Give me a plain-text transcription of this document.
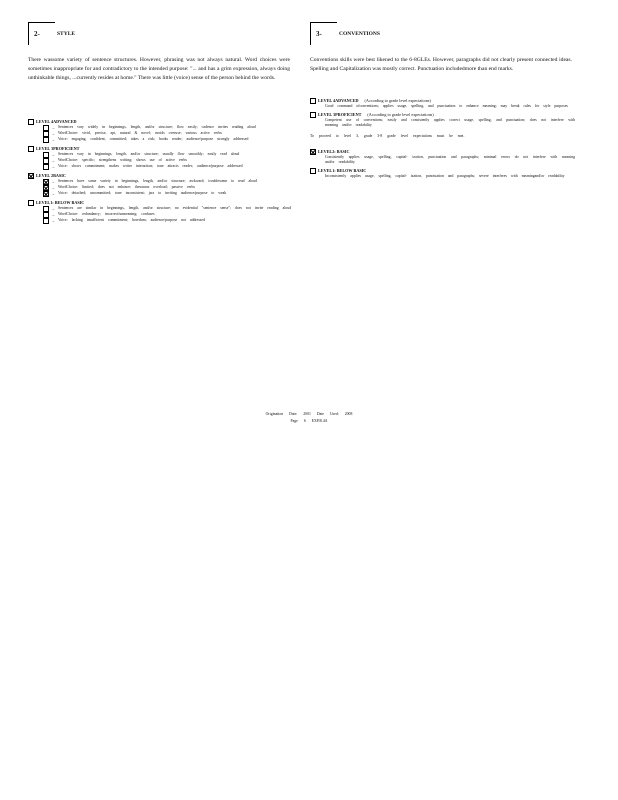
2-	STYLE
There wassome variety of sentence structures. However, phrasing was not always natural. Word choices were sometimes inappropriate for and contradictory to the intended purpose: "... and has a grim expression, always doing unthinkable things, ...currently resides at home." There was little (voice) sense of the person behind the words.
LEVEL 4ADVANCED
→ Sentences vary widely in beginnings, length, and/or structure; flow easily; cadence invites reading aloud
→ WordChoice: vivid, precise, apt, natural & novel; avoids overuse; various active verbs
→ Voice: engaging, confident, committed; takes a risk; hooks reader; audience/purpose strongly addressed
LEVEL 3PROFICIENT
→ Sentences vary in beginnings, length, and/or structure; usually flow smoothly; easily read aloud
→ WordChoice: specific; strengthens writing; shows use of active verbs
→ Voice: shows commitment; makes writer interaction; tone attracts reader; audience/purpose addressed
LEVEL 2BASIC
→ Sentences have some variety in beginnings, length, and/or structure; awkward; troublesome to read aloud
→ WordChoice: limited; does not enhance; thesaurus overload; passive verbs
→ Voice: detached; uncommitted; tone inconsistent; jars to inviting audience/purpose to weak
LEVEL1: BELOW BASIC
→ Sentences are similar in beginnings, length, and/or structure; no evidential "sentence sense"; does not invite reading aloud
→ WordChoice: redundancy; incorrect/unmeaning; confuses
→ Voice: lacking insufficient commitment; boredom; audience/purpose not addressed
3-	CONVENTIONS
Conventions skills were best likened to the 6-8GLEs. However, paragraphs did not clearly present connected ideas. Spelling and Capitalization was mostly correct. Punctuation includedmore than end marks.
LEVEL 4ADVANCED (According to grade level expectations)
Good command ofconventions; applies usage, spelling, and punctuation to enhance meaning; may break rules for style purposes
LEVEL 3PROFICIENT (According to grade level expectations)
Competent use of conventions; easily and consistently applies correct usage, spelling, and punctuation; does not interfere with meaning and/or readability
To proceed to level 3, grade 3-8 grade level expectations must be met.
LEVEL2: BASIC
Consistently applies usage, spelling, capital- ization, punctuation and paragraphs; minimal errors do not interfere with meaning and/or readability
LEVEL1: BELOW BASIC
Inconsistently applies usage, spelling, capital- ization, punctuation and paragraphs; severe interferes with meaningand/or readability
Origination Date: 2001 Date Used: 2008
Page 6 EXP.R.4A
